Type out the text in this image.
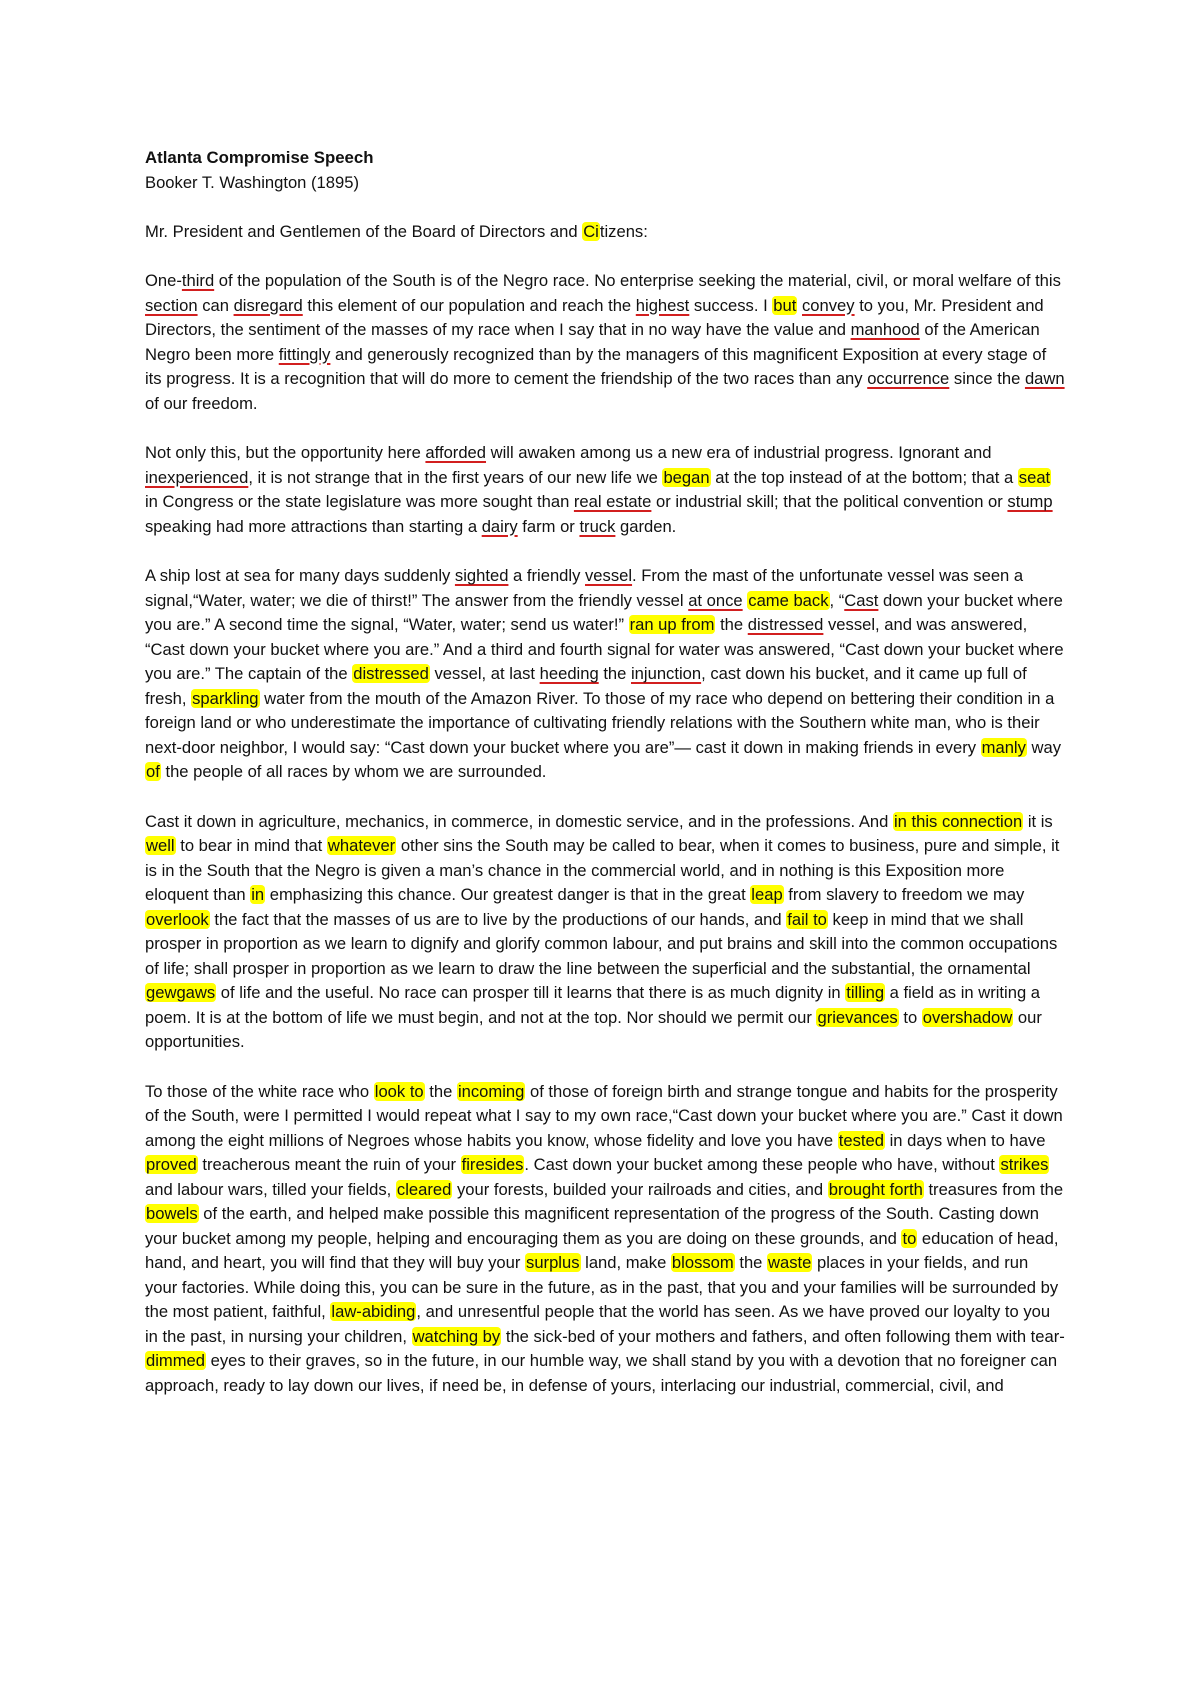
Atlanta Compromise Speech

Booker T. Washington (1895)

Mr. President and Gentlemen of the Board of Directors and Citizens:

One-third of the population of the South is of the Negro race. No enterprise seeking the material, civil, or moral welfare of this section can disregard this element of our population and reach the highest success. I but convey to you, Mr. President and Directors, the sentiment of the masses of my race when I say that in no way have the value and manhood of the American Negro been more fittingly and generously recognized than by the managers of this magnificent Exposition at every stage of its progress. It is a recognition that will do more to cement the friendship of the two races than any occurrence since the dawn of our freedom.

Not only this, but the opportunity here afforded will awaken among us a new era of industrial progress. Ignorant and inexperienced, it is not strange that in the first years of our new life we began at the top instead of at the bottom; that a seat in Congress or the state legislature was more sought than real estate or industrial skill; that the political convention or stump speaking had more attractions than starting a dairy farm or truck garden.

A ship lost at sea for many days suddenly sighted a friendly vessel. From the mast of the unfortunate vessel was seen a signal,“Water, water; we die of thirst!” The answer from the friendly vessel at once came back, “Cast down your bucket where you are.” A second time the signal, “Water, water; send us water!” ran up from the distressed vessel, and was answered, “Cast down your bucket where you are.” And a third and fourth signal for water was answered, “Cast down your bucket where you are.” The captain of the distressed vessel, at last heeding the injunction, cast down his bucket, and it came up full of fresh, sparkling water from the mouth of the Amazon River. To those of my race who depend on bettering their condition in a foreign land or who underestimate the importance of cultivating friendly relations with the Southern white man, who is their next-door neighbor, I would say: “Cast down your bucket where you are”— cast it down in making friends in every manly way of the people of all races by whom we are surrounded.

Cast it down in agriculture, mechanics, in commerce, in domestic service, and in the professions. And in this connection it is well to bear in mind that whatever other sins the South may be called to bear, when it comes to business, pure and simple, it is in the South that the Negro is given a man’s chance in the commercial world, and in nothing is this Exposition more eloquent than in emphasizing this chance. Our greatest danger is that in the great leap from slavery to freedom we may overlook the fact that the masses of us are to live by the productions of our hands, and fail to keep in mind that we shall prosper in proportion as we learn to dignify and glorify common labour, and put brains and skill into the common occupations of life; shall prosper in proportion as we learn to draw the line between the superficial and the substantial, the ornamental gewgaws of life and the useful. No race can prosper till it learns that there is as much dignity in tilling a field as in writing a poem. It is at the bottom of life we must begin, and not at the top. Nor should we permit our grievances to overshadow our opportunities.

To those of the white race who look to the incoming of those of foreign birth and strange tongue and habits for the prosperity of the South, were I permitted I would repeat what I say to my own race,“Cast down your bucket where you are.” Cast it down among the eight millions of Negroes whose habits you know, whose fidelity and love you have tested in days when to have proved treacherous meant the ruin of your firesides. Cast down your bucket among these people who have, without strikes and labour wars, tilled your fields, cleared your forests, builded your railroads and cities, and brought forth treasures from the bowels of the earth, and helped make possible this magnificent representation of the progress of the South. Casting down your bucket among my people, helping and encouraging them as you are doing on these grounds, and to education of head, hand, and heart, you will find that they will buy your surplus land, make blossom the waste places in your fields, and run your factories. While doing this, you can be sure in the future, as in the past, that you and your families will be surrounded by the most patient, faithful, law-abiding, and unresentful people that the world has seen. As we have proved our loyalty to you in the past, in nursing your children, watching by the sick-bed of your mothers and fathers, and often following them with tear-dimmed eyes to their graves, so in the future, in our humble way, we shall stand by you with a devotion that no foreigner can approach, ready to lay down our lives, if need be, in defense of yours, interlacing our industrial, commercial, civil, and
